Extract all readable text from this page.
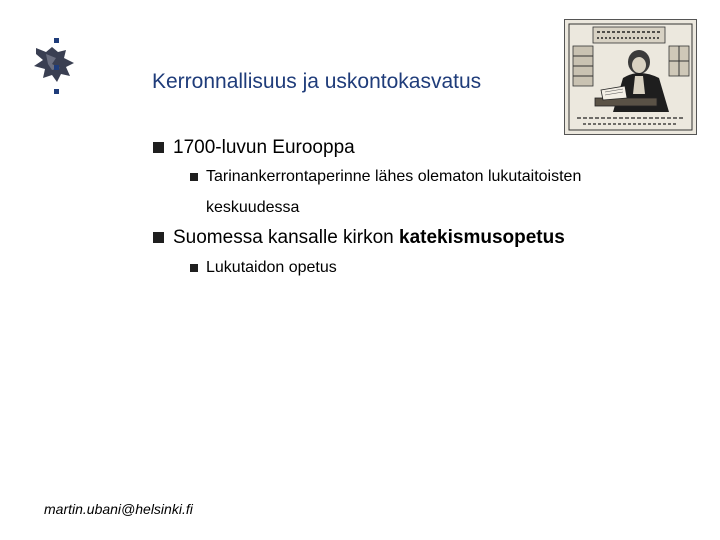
Kerronnallisuus ja uskontokasvatus
1700-luvun Eurooppa
Tarinankerrontaperinne lähes olematon lukutaitoisten
keskuudessa
Suomessa kansalle kirkon katekismusopetus
Lukutaidon opetus
martin.ubani@helsinki.fi
